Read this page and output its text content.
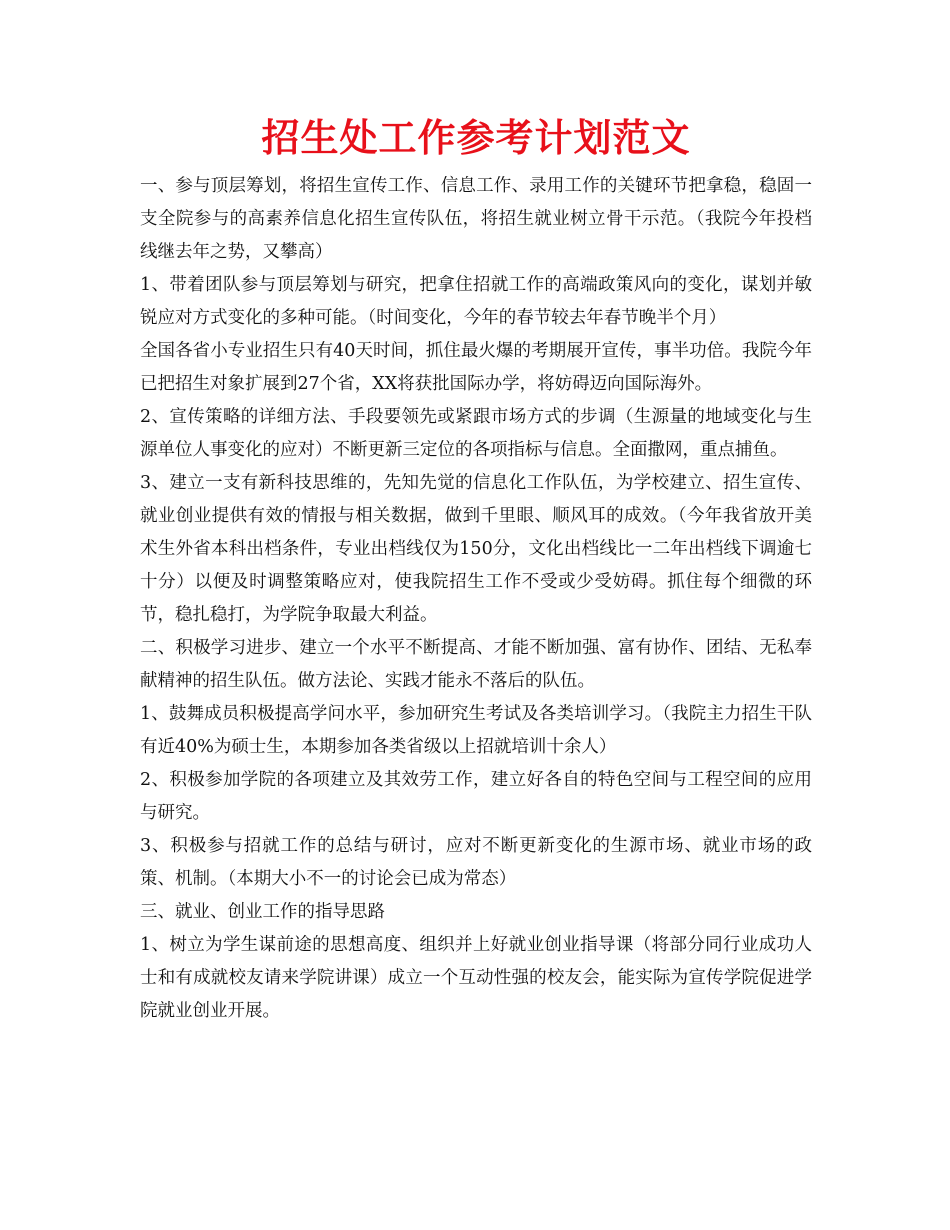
招生处工作参考计划范文

一、参与顶层筹划，将招生宣传工作、信息工作、录用工作的关键环节把拿稳，稳固一支全院参与的高素养信息化招生宣传队伍，将招生就业树立骨干示范。（我院今年投档线继去年之势，又攀高）

1、带着团队参与顶层筹划与研究，把拿住招就工作的高端政策风向的变化，谋划并敏锐应对方式变化的多种可能。（时间变化，今年的春节较去年春节晚半个月）

全国各省小专业招生只有40天时间，抓住最火爆的考期展开宣传，事半功倍。我院今年已把招生对象扩展到27个省，XX将获批国际办学，将妨碍迈向国际海外。

2、宣传策略的详细方法、手段要领先或紧跟市场方式的步调（生源量的地域变化与生源单位人事变化的应对）不断更新三定位的各项指标与信息。全面撒网，重点捕鱼。

3、建立一支有新科技思维的，先知先觉的信息化工作队伍，为学校建立、招生宣传、就业创业提供有效的情报与相关数据，做到千里眼、顺风耳的成效。（今年我省放开美术生外省本科出档条件，专业出档线仅为150分，文化出档线比一二年出档线下调逾七十分）以便及时调整策略应对，使我院招生工作不受或少受妨碍。抓住每个细微的环节，稳扎稳打，为学院争取最大利益。

二、积极学习进步、建立一个水平不断提高、才能不断加强、富有协作、团结、无私奉献精神的招生队伍。做方法论、实践才能永不落后的队伍。

1、鼓舞成员积极提高学问水平，参加研究生考试及各类培训学习。（我院主力招生干队有近40%为硕士生，本期参加各类省级以上招就培训十余人）

2、积极参加学院的各项建立及其效劳工作，建立好各自的特色空间与工程空间的应用与研究。

3、积极参与招就工作的总结与研讨，应对不断更新变化的生源市场、就业市场的政策、机制。（本期大小不一的讨论会已成为常态）

三、就业、创业工作的指导思路

1、树立为学生谋前途的思想高度、组织并上好就业创业指导课（将部分同行业成功人士和有成就校友请来学院讲课）成立一个互动性强的校友会，能实际为宣传学院促进学院就业创业开展。
